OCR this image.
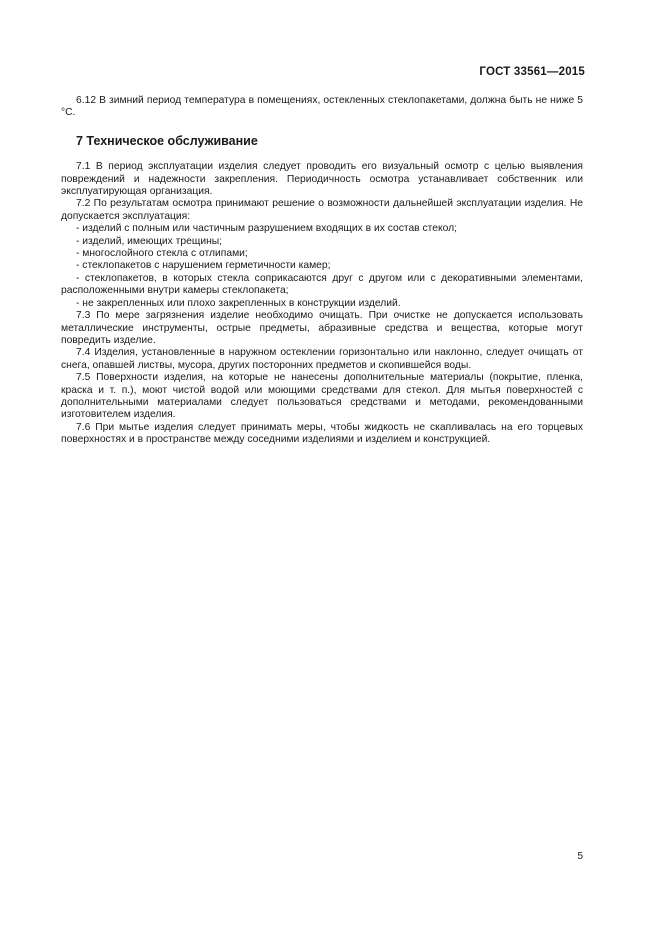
ГОСТ 33561—2015

6.12 В зимний период температура в помещениях, остекленных стеклопакетами, должна быть не ниже 5 °С.

7 Техническое обслуживание

7.1 В период эксплуатации изделия следует проводить его визуальный осмотр с целью выявления повреждений и надежности закрепления. Периодичность осмотра устанавливает собственник или эксплуатирующая организация.

7.2 По результатам осмотра принимают решение о возможности дальнейшей эксплуатации изделия. Не допускается эксплуатация:

- изделий с полным или частичным разрушением входящих в их состав стекол;

- изделий, имеющих трещины;

- многослойного стекла с отлипами;

- стеклопакетов с нарушением герметичности камер;

- стеклопакетов, в которых стекла соприкасаются друг с другом или с декоративными элементами, расположенными внутри камеры стеклопакета;

- не закрепленных или плохо закрепленных в конструкции изделий.

7.3 По мере загрязнения изделие необходимо очищать. При очистке не допускается использовать металлические инструменты, острые предметы, абразивные средства и вещества, которые могут повредить изделие.

7.4 Изделия, установленные в наружном остеклении горизонтально или наклонно, следует очищать от снега, опавшей листвы, мусора, других посторонних предметов и скопившейся воды.

7.5 Поверхности изделия, на которые не нанесены дополнительные материалы (покрытие, пленка, краска и т. п.), моют чистой водой или моющими средствами для стекол. Для мытья поверхностей с дополнительными материалами следует пользоваться средствами и методами, рекомендованными изготовителем изделия.

7.6 При мытье изделия следует принимать меры, чтобы жидкость не скапливалась на его торцевых поверхностях и в пространстве между соседними изделиями и изделием и конструкцией.

5
